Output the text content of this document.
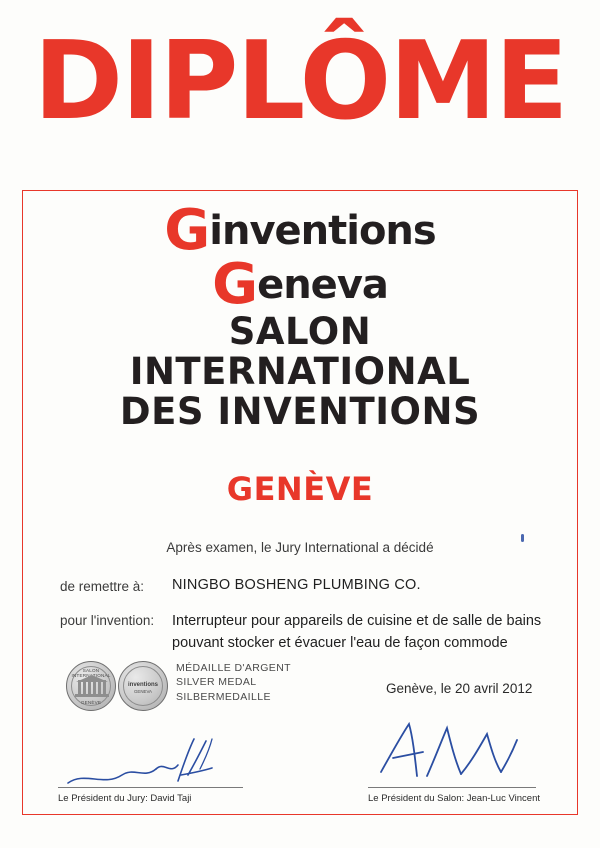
DIPLÔME
Ginventions
Geneva
SALON
INTERNATIONAL
DES INVENTIONS
GENÈVE
Après examen, le Jury International a décidé
de remettre à: NINGBO BOSHENG PLUMBING CO.
pour l'invention: Interrupteur pour appareils de cuisine et de salle de bains pouvant stocker et évacuer l'eau de façon commode
SALON INTERNATIONAL
GENÈVE
inventions
GENEVA
MÉDAILLE D'ARGENT
SILVER MEDAL
SILBERMEDAILLE
Genève, le 20 avril 2012
Le Président du Jury: David Taji	Le Président du Salon: Jean-Luc Vincent
